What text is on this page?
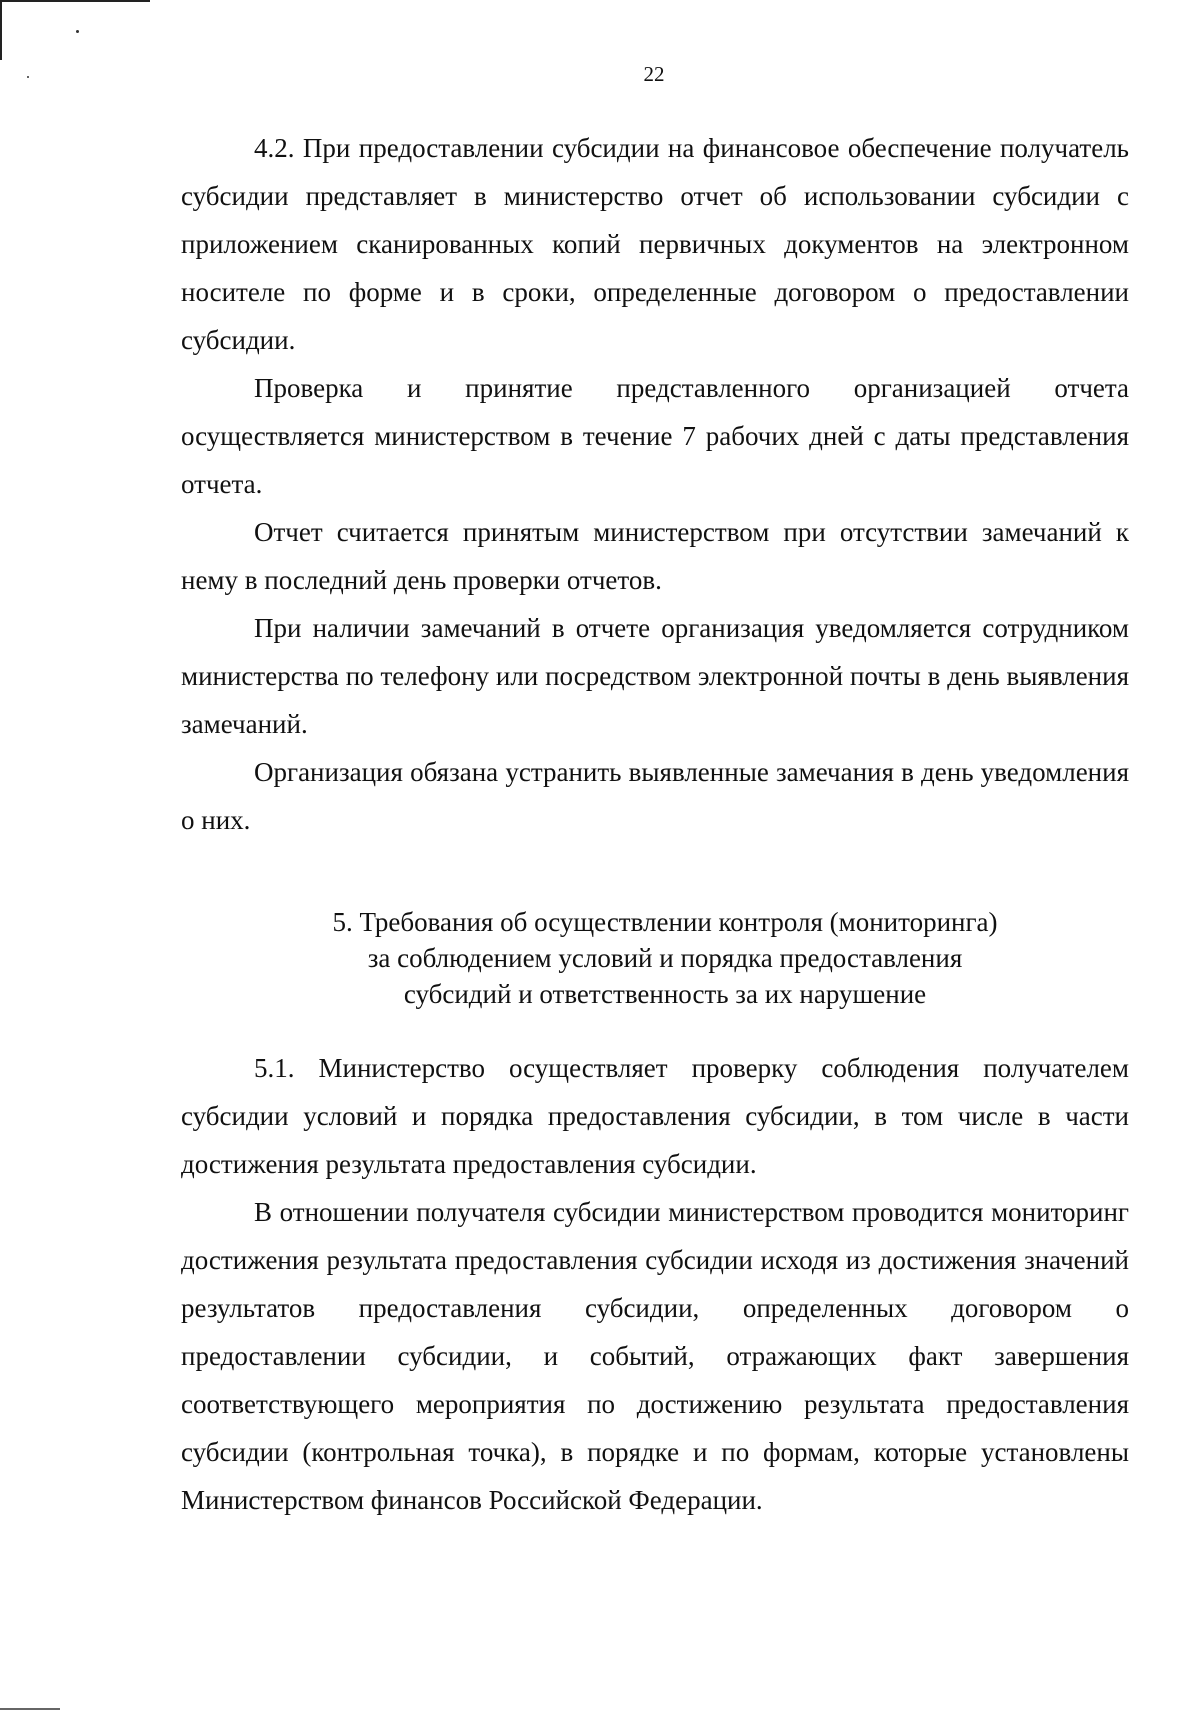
22

4.2. При предоставлении субсидии на финансовое обеспечение получатель субсидии представляет в министерство отчет об использовании субсидии с приложением сканированных копий первичных документов на электронном носителе по форме и в сроки, определенные договором о предоставлении субсидии.

Проверка и принятие представленного организацией отчета осуществляется министерством в течение 7 рабочих дней с даты представления отчета.

Отчет считается принятым министерством при отсутствии замечаний к нему в последний день проверки отчетов.

При наличии замечаний в отчете организация уведомляется сотрудником министерства по телефону или посредством электронной почты в день выявления замечаний.

Организация обязана устранить выявленные замечания в день уведомления о них.

5. Требования об осуществлении контроля (мониторинга)
за соблюдением условий и порядка предоставления
субсидий и ответственность за их нарушение

5.1. Министерство осуществляет проверку соблюдения получателем субсидии условий и порядка предоставления субсидии, в том числе в части достижения результата предоставления субсидии.

В отношении получателя субсидии министерством проводится мониторинг достижения результата предоставления субсидии исходя из достижения значений результатов предоставления субсидии, определенных договором о предоставлении субсидии, и событий, отражающих факт завершения соответствующего мероприятия по достижению результата предоставления субсидии (контрольная точка), в порядке и по формам, которые установлены Министерством финансов Российской Федерации.
